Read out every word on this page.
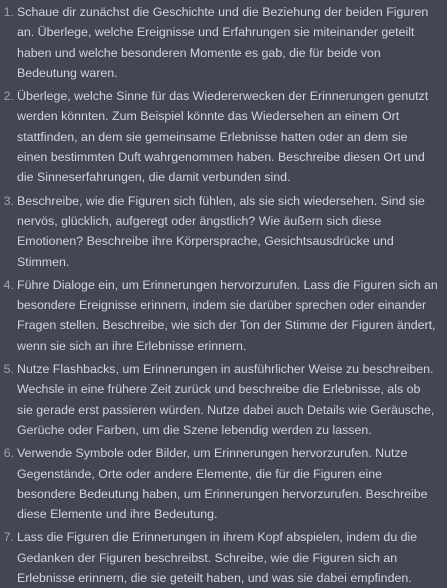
1. Schaue dir zunächst die Geschichte und die Beziehung der beiden Figuren an. Überlege, welche Ereignisse und Erfahrungen sie miteinander geteilt haben und welche besonderen Momente es gab, die für beide von Bedeutung waren.
2. Überlege, welche Sinne für das Wiedererwecken der Erinnerungen genutzt werden könnten. Zum Beispiel könnte das Wiedersehen an einem Ort stattfinden, an dem sie gemeinsame Erlebnisse hatten oder an dem sie einen bestimmten Duft wahrgenommen haben. Beschreibe diesen Ort und die Sinneserfahrungen, die damit verbunden sind.
3. Beschreibe, wie die Figuren sich fühlen, als sie sich wiedersehen. Sind sie nervös, glücklich, aufgeregt oder ängstlich? Wie äußern sich diese Emotionen? Beschreibe ihre Körpersprache, Gesichtsausdrücke und Stimmen.
4. Führe Dialoge ein, um Erinnerungen hervorzurufen. Lass die Figuren sich an besondere Ereignisse erinnern, indem sie darüber sprechen oder einander Fragen stellen. Beschreibe, wie sich der Ton der Stimme der Figuren ändert, wenn sie sich an ihre Erlebnisse erinnern.
5. Nutze Flashbacks, um Erinnerungen in ausführlicher Weise zu beschreiben. Wechsle in eine frühere Zeit zurück und beschreibe die Erlebnisse, als ob sie gerade erst passieren würden. Nutze dabei auch Details wie Geräusche, Gerüche oder Farben, um die Szene lebendig werden zu lassen.
6. Verwende Symbole oder Bilder, um Erinnerungen hervorzurufen. Nutze Gegenstände, Orte oder andere Elemente, die für die Figuren eine besondere Bedeutung haben, um Erinnerungen hervorzurufen. Beschreibe diese Elemente und ihre Bedeutung.
7. Lass die Figuren die Erinnerungen in ihrem Kopf abspielen, indem du die Gedanken der Figuren beschreibst. Schreibe, wie die Figuren sich an Erlebnisse erinnern, die sie geteilt haben, und was sie dabei empfinden.
